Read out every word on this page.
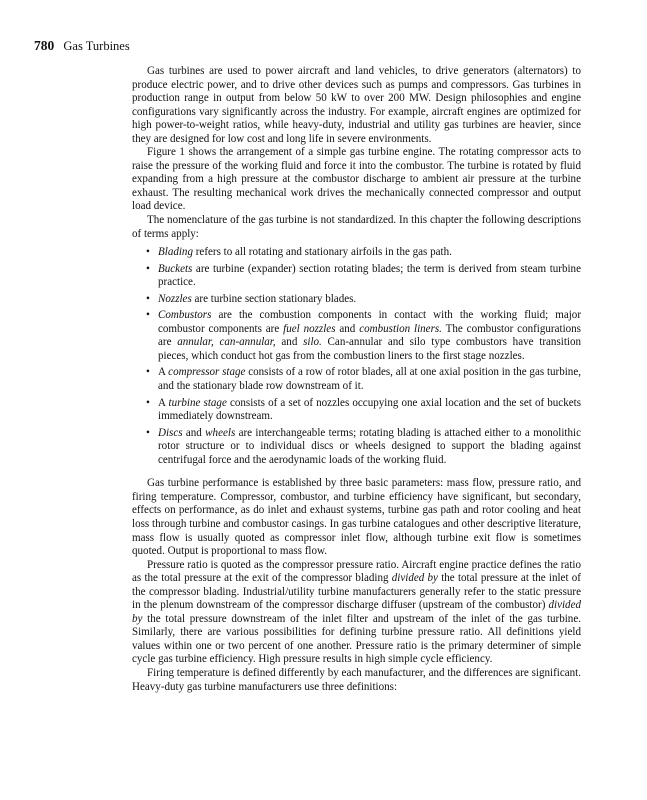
780 Gas Turbines

Gas turbines are used to power aircraft and land vehicles, to drive generators (alternators) to produce electric power, and to drive other devices such as pumps and compressors. Gas turbines in production range in output from below 50 kW to over 200 MW. Design philosophies and engine configurations vary significantly across the industry. For example, aircraft engines are optimized for high power-to-weight ratios, while heavy-duty, industrial and utility gas turbines are heavier, since they are designed for low cost and long life in severe environments.

Figure 1 shows the arrangement of a simple gas turbine engine. The rotating compressor acts to raise the pressure of the working fluid and force it into the combustor. The turbine is rotated by fluid expanding from a high pressure at the combustor discharge to ambient air pressure at the turbine exhaust. The resulting mechanical work drives the mechanically connected compressor and output load device.

The nomenclature of the gas turbine is not standardized. In this chapter the following descriptions of terms apply:

• Blading refers to all rotating and stationary airfoils in the gas path.
• Buckets are turbine (expander) section rotating blades; the term is derived from steam turbine practice.
• Nozzles are turbine section stationary blades.
• Combustors are the combustion components in contact with the working fluid; major combustor components are fuel nozzles and combustion liners. The combustor configurations are annular, can-annular, and silo. Can-annular and silo type combustors have transition pieces, which conduct hot gas from the combustion liners to the first stage nozzles.
• A compressor stage consists of a row of rotor blades, all at one axial position in the gas turbine, and the stationary blade row downstream of it.
• A turbine stage consists of a set of nozzles occupying one axial location and the set of buckets immediately downstream.
• Discs and wheels are interchangeable terms; rotating blading is attached either to a monolithic rotor structure or to individual discs or wheels designed to support the blading against centrifugal force and the aerodynamic loads of the working fluid.

Gas turbine performance is established by three basic parameters: mass flow, pressure ratio, and firing temperature. Compressor, combustor, and turbine efficiency have significant, but secondary, effects on performance, as do inlet and exhaust systems, turbine gas path and rotor cooling and heat loss through turbine and combustor casings. In gas turbine catalogues and other descriptive literature, mass flow is usually quoted as compressor inlet flow, although turbine exit flow is sometimes quoted. Output is proportional to mass flow.

Pressure ratio is quoted as the compressor pressure ratio. Aircraft engine practice defines the ratio as the total pressure at the exit of the compressor blading divided by the total pressure at the inlet of the compressor blading. Industrial/utility turbine manufacturers generally refer to the static pressure in the plenum downstream of the compressor discharge diffuser (upstream of the combustor) divided by the total pressure downstream of the inlet filter and upstream of the inlet of the gas turbine. Similarly, there are various possibilities for defining turbine pressure ratio. All definitions yield values within one or two percent of one another. Pressure ratio is the primary determiner of simple cycle gas turbine efficiency. High pressure results in high simple cycle efficiency.

Firing temperature is defined differently by each manufacturer, and the differences are significant. Heavy-duty gas turbine manufacturers use three definitions:
